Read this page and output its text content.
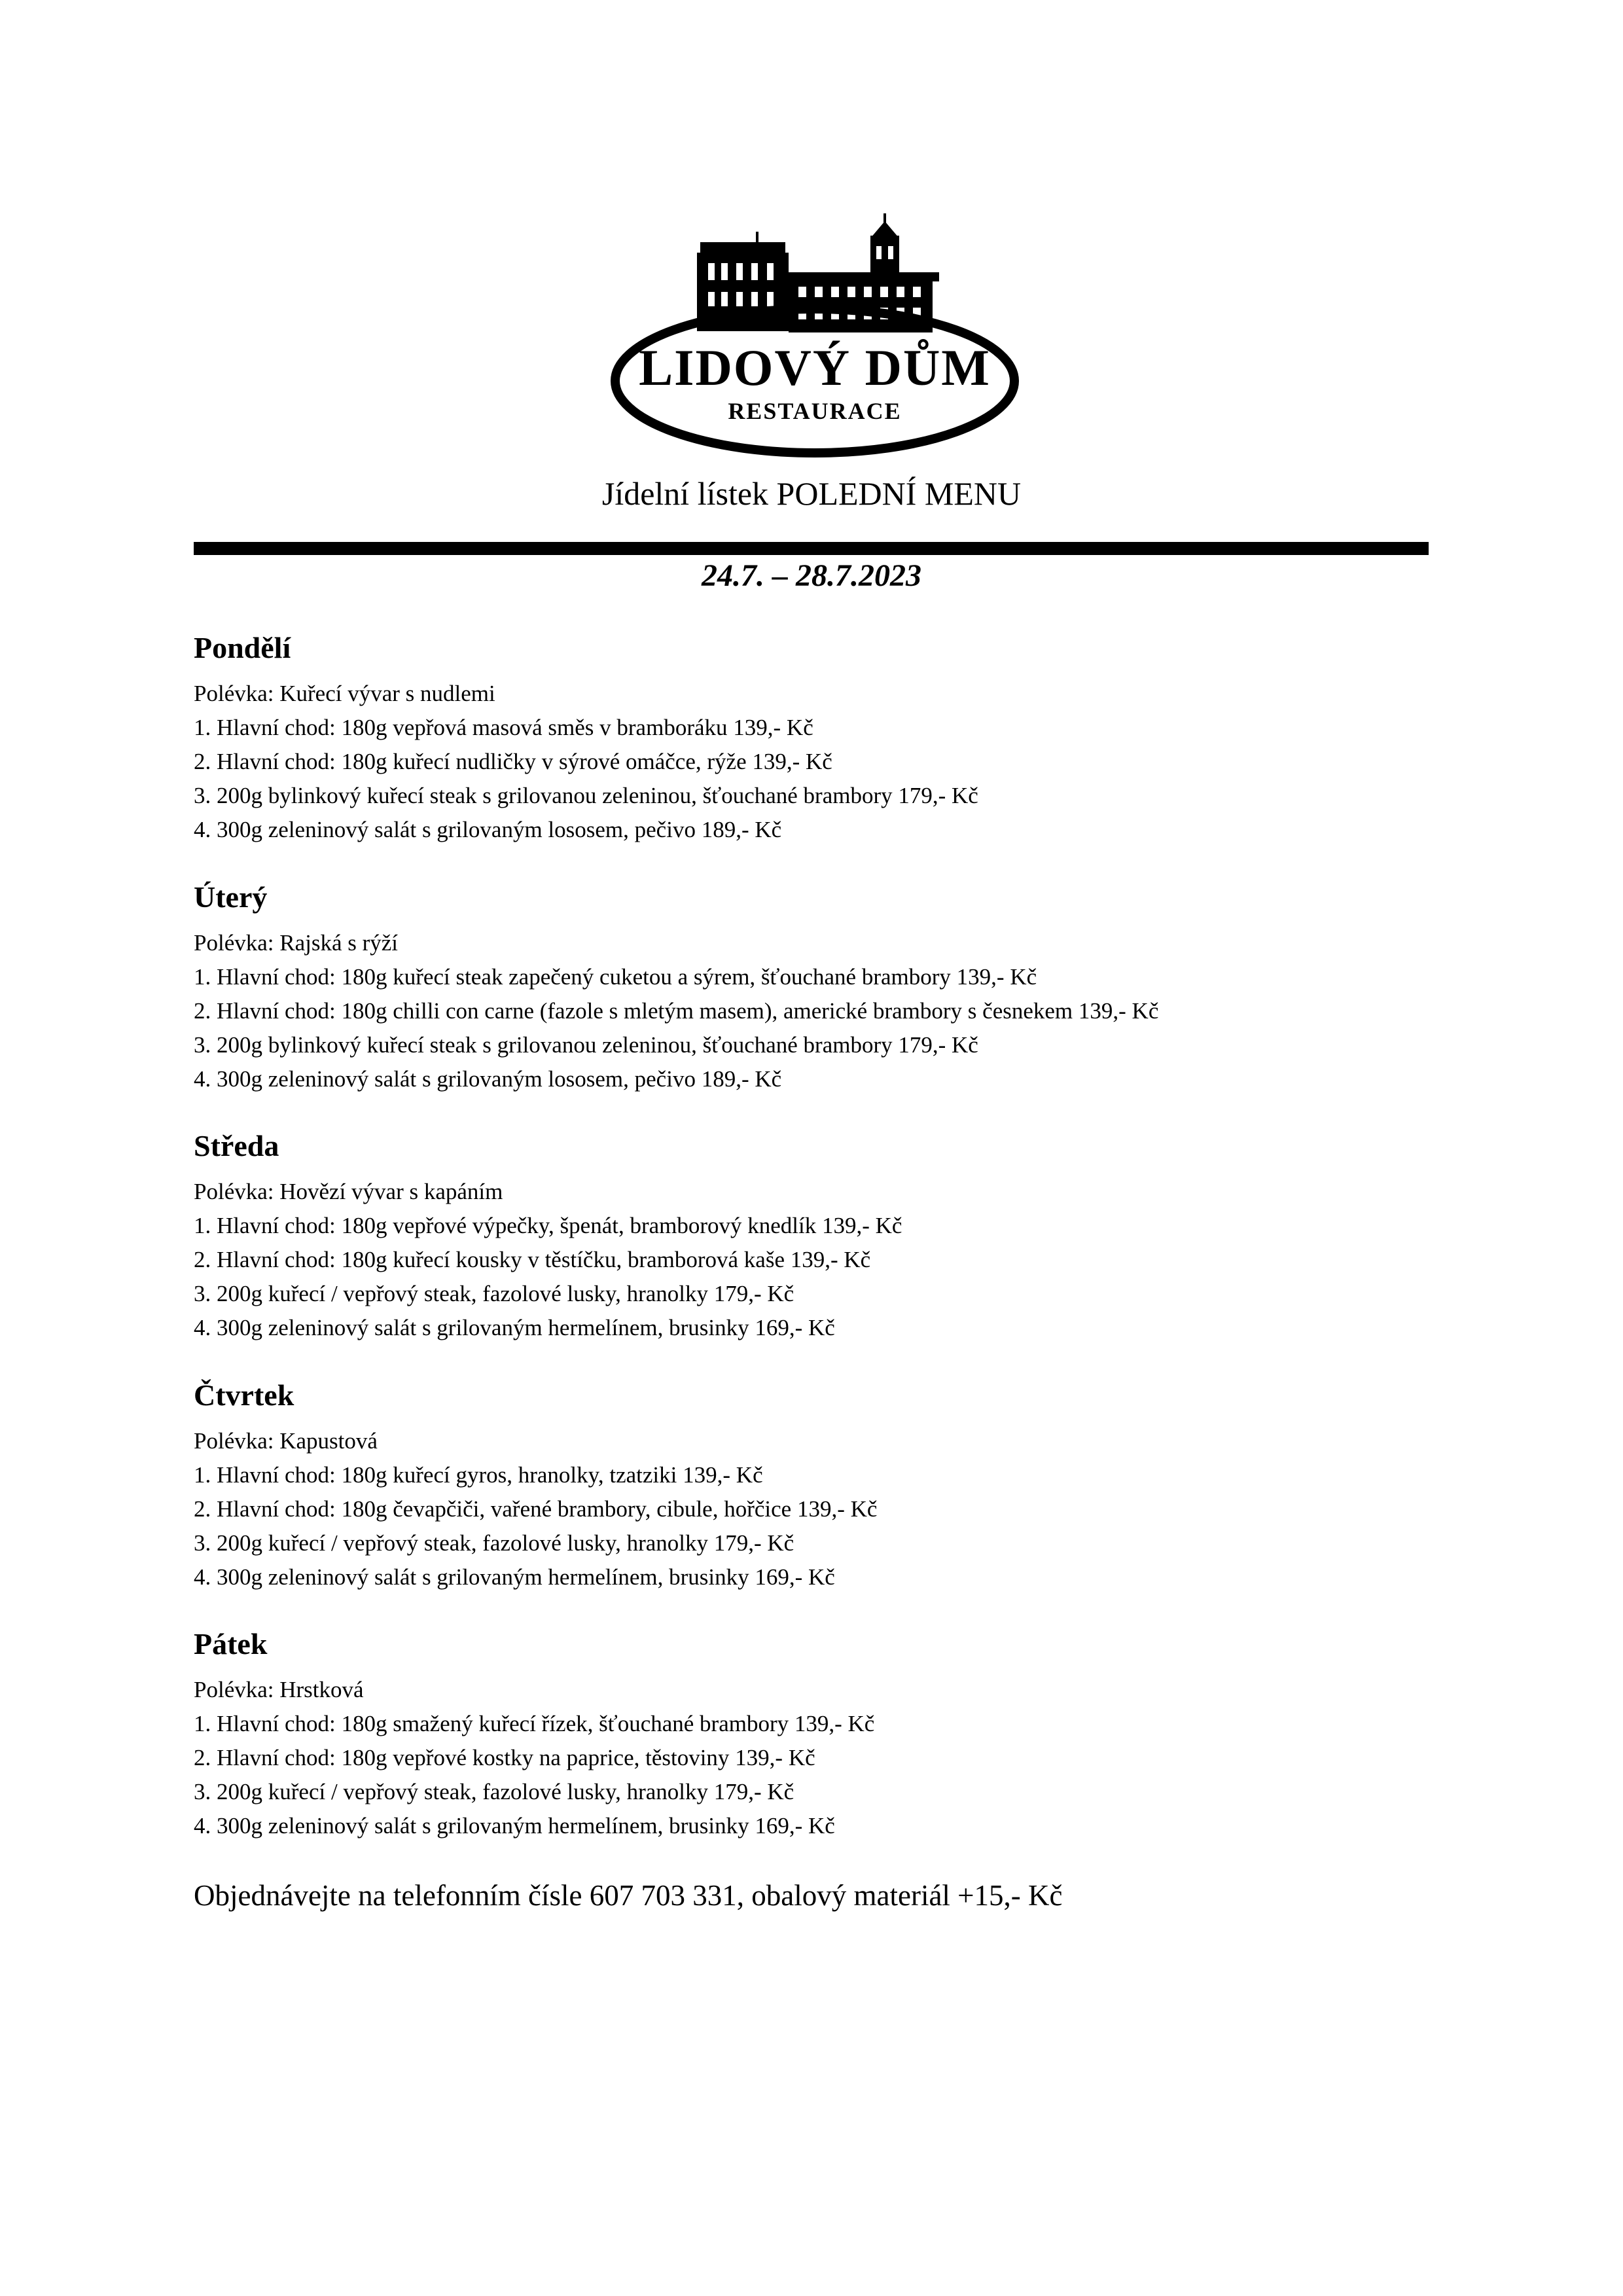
LIDOVÝ DŮM
RESTAURACE
Jídelní lístek POLEDNÍ MENU
24.7. – 28.7.2023
Pondělí
Polévka: Kuřecí vývar s nudlemi
1. Hlavní chod: 180g vepřová masová směs v bramboráku 139,- Kč
2. Hlavní chod: 180g kuřecí nudličky v sýrové omáčce, rýže 139,- Kč
3. 200g bylinkový kuřecí steak s grilovanou zeleninou, šťouchané brambory 179,- Kč
4. 300g zeleninový salát s grilovaným lososem, pečivo 189,- Kč
Úterý
Polévka: Rajská s rýží
1. Hlavní chod: 180g kuřecí steak zapečený cuketou a sýrem, šťouchané brambory 139,- Kč
2. Hlavní chod: 180g chilli con carne (fazole s mletým masem), americké brambory s česnekem 139,- Kč
3. 200g bylinkový kuřecí steak s grilovanou zeleninou, šťouchané brambory 179,- Kč
4. 300g zeleninový salát s grilovaným lososem, pečivo 189,- Kč
Středa
Polévka: Hovězí vývar s kapáním
1. Hlavní chod: 180g vepřové výpečky, špenát, bramborový knedlík 139,- Kč
2. Hlavní chod: 180g kuřecí kousky v těstíčku, bramborová kaše 139,- Kč
3. 200g kuřecí / vepřový steak, fazolové lusky, hranolky 179,- Kč
4. 300g zeleninový salát s grilovaným hermelínem, brusinky 169,- Kč
Čtvrtek
Polévka: Kapustová
1. Hlavní chod: 180g kuřecí gyros, hranolky, tzatziki 139,- Kč
2. Hlavní chod: 180g čevapčiči, vařené brambory, cibule, hořčice 139,- Kč
3. 200g kuřecí / vepřový steak, fazolové lusky, hranolky 179,- Kč
4. 300g zeleninový salát s grilovaným hermelínem, brusinky 169,- Kč
Pátek
Polévka: Hrstková
1. Hlavní chod: 180g smažený kuřecí řízek, šťouchané brambory 139,- Kč
2. Hlavní chod: 180g vepřové kostky na paprice, těstoviny 139,- Kč
3. 200g kuřecí / vepřový steak, fazolové lusky, hranolky 179,- Kč
4. 300g zeleninový salát s grilovaným hermelínem, brusinky 169,- Kč
Objednávejte na telefonním čísle 607 703 331, obalový materiál +15,- Kč
